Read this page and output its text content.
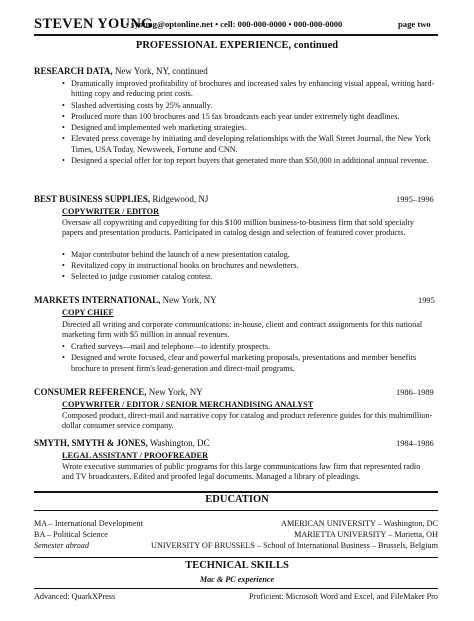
STEVEN YOUNG
• syoung@optonline.net • cell: 000-000-0000 • 000-000-0000	page two
PROFESSIONAL EXPERIENCE, continued
RESEARCH DATA, New York, NY, continued
• Dramatically improved profitability of brochures and increased sales by enhancing visual appeal, writing hard-hitting copy and reducing print costs.
• Slashed advertising costs by 25% annually.
• Produced more than 100 brochures and 15 fax broadcasts each year under extremely tight deadlines.
• Designed and implemented web marketing strategies.
• Elevated press coverage by initiating and developing relationships with the Wall Street Journal, the New York Times, USA Today, Newsweek, Fortune and CNN.
• Designed a special offer for top report buyers that generated more than $50,000 in additional annual revenue.
BEST BUSINESS SUPPLIES, Ridgewood, NJ	1995–1996
COPYWRITER / EDITOR
Oversaw all copywriting and copyediting for this $100 million business-to-business firm that sold specialty papers and presentation products. Participated in catalog design and selection of featured cover products.
• Major contributor behind the launch of a new presentation catalog.
• Revitalized copy in instructional books on brochures and newsletters.
• Selected to judge customer catalog contest.
MARKETS INTERNATIONAL, New York, NY	1995
COPY CHIEF
Directed all writing and corporate communications: in-house, client and contract assignments for this national marketing firm with $5 million in annual revenues.
• Crafted surveys—mail and telephone—to identify prospects.
• Designed and wrote focused, clear and powerful marketing proposals, presentations and member benefits brochure to present firm's lead-generation and direct-mail programs.
CONSUMER REFERENCE, New York, NY	1986–1989
COPYWRITER / EDITOR / SENIOR MERCHANDISING ANALYST
Composed product, direct-mail and narrative copy for catalog and product reference guides for this multimillion-dollar consumer service company.
SMYTH, SMYTH & JONES, Washington, DC	1984–1986
LEGAL ASSISTANT / PROOFREADER
Wrote executive summaries of public programs for this large communications law firm that represented radio and TV broadcasters. Edited and proofed legal documents. Managed a library of pleadings.
EDUCATION
MA – International Development	AMERICAN UNIVERSITY – Washington, DC
BA – Political Science	MARIETTA UNIVERSITY – Marietta, OH
Semester abroad	UNIVERSITY OF BRUSSELS – School of International Business – Brussels, Belgium
TECHNICAL SKILLS
Mac & PC experience
Advanced: QuarkXPress	Proficient: Microsoft Word and Excel, and FileMaker Pro
